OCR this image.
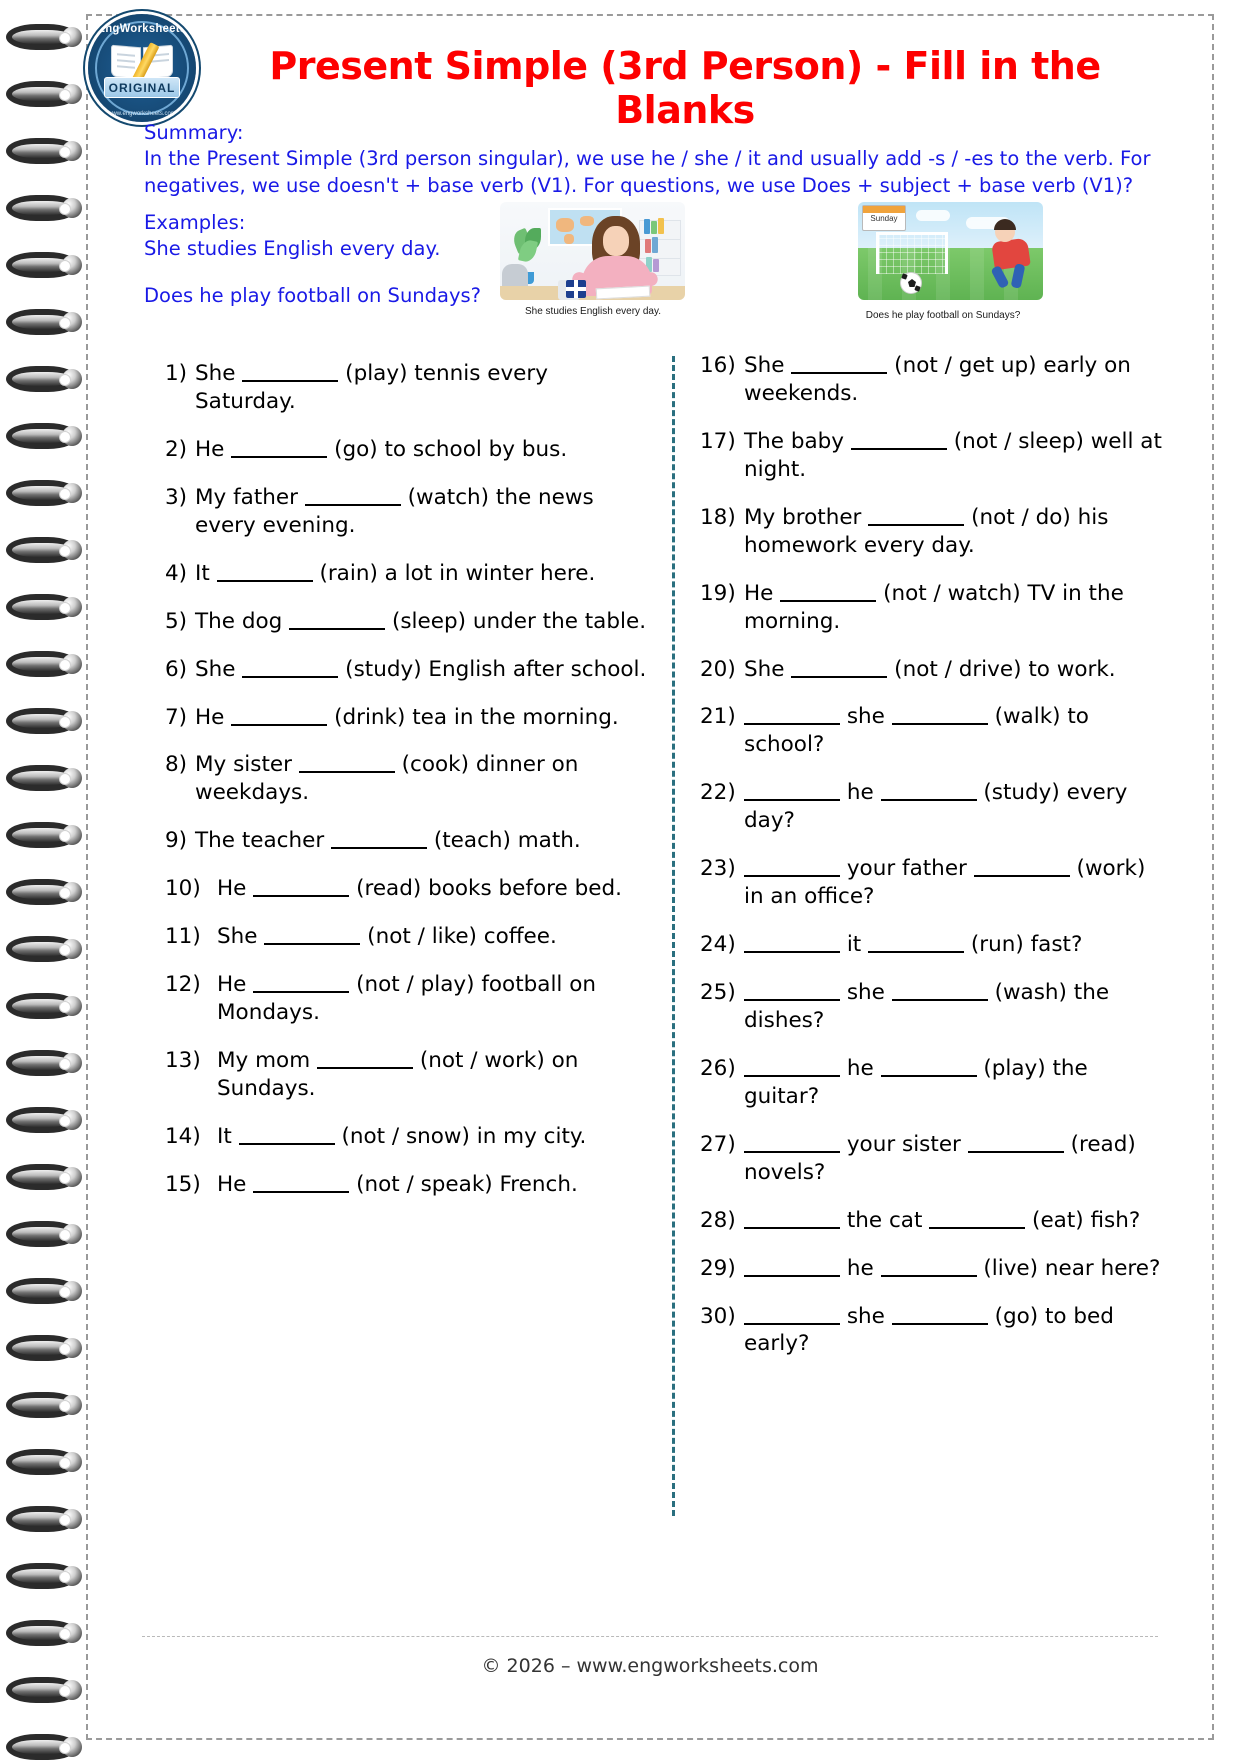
EngWorksheets
ORIGINAL
www.engworksheets.com
Present Simple (3rd Person) - Fill in the Blanks
Summary:
In the Present Simple (3rd person singular), we use he / she / it and usually add -s / -es to the verb. For
negatives, we use doesn't + base verb (V1). For questions, we use Does + subject + base verb (V1)?
Examples:
She studies English every day.
Does he play football on Sundays?
She studies English every day.
Sunday
Does he play football on Sundays?
1) She	(play) tennis every Saturday.
2) He	(go) to school by bus.
3) My father	(watch) the news every evening.
4) It	(rain) a lot in winter here.
5) The dog	(sleep) under the table.
6) She	(study) English after school.
7) He	(drink) tea in the morning.
8) My sister	(cook) dinner on weekdays.
9) The teacher	(teach) math.
10) He	(read) books before bed.
11) She	(not / like) coffee.
12) He	(not / play) football on Mondays.
13) My mom	(not / work) on Sundays.
14) It	(not / snow) in my city.
15) He	(not / speak) French.
16) She	(not / get up) early on weekends.
17) The baby	(not / sleep) well at night.
18) My brother	(not / do) his homework every day.
19) He	(not / watch) TV in the morning.
20) She	(not / drive) to work.
21)	she	(walk) to school?
22)	he	(study) every day?
23)	your father	(work) in an office?
24)	it	(run) fast?
25)	she	(wash) the dishes?
26)	he	(play) the guitar?
27)	your sister	(read) novels?
28)	the cat	(eat) fish?
29)	he	(live) near here?
30)	she	(go) to bed early?
© 2026 – www.engworksheets.com
